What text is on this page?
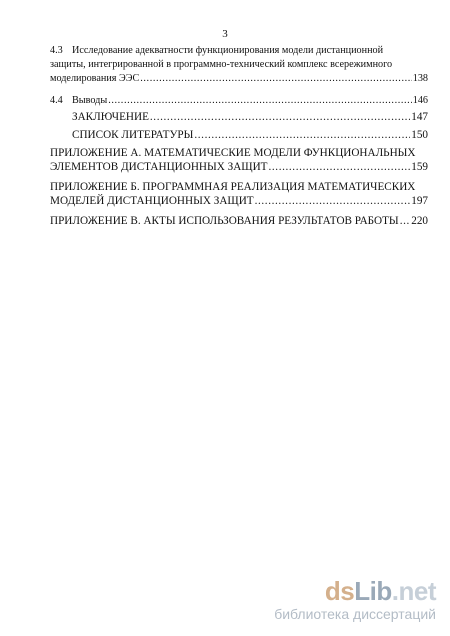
3
4.3 Исследование адекватности функционирования модели дистанционной
защиты, интегрированной в программно-технический комплекс всережимного
моделирования ЭЭС .....	138
4.4 Выводы .....	146
ЗАКЛЮЧЕНИЕ .....	147
СПИСОК ЛИТЕРАТУРЫ .....	150
ПРИЛОЖЕНИЕ А. МАТЕМАТИЧЕСКИЕ МОДЕЛИ ФУНКЦИОНАЛЬНЫХ
ЭЛЕМЕНТОВ ДИСТАНЦИОННЫХ ЗАЩИТ .....	159
ПРИЛОЖЕНИЕ Б. ПРОГРАММНАЯ РЕАЛИЗАЦИЯ МАТЕМАТИЧЕСКИХ
МОДЕЛЕЙ ДИСТАНЦИОННЫХ ЗАЩИТ .....	197
ПРИЛОЖЕНИЕ В. АКТЫ ИСПОЛЬЗОВАНИЯ РЕЗУЛЬТАТОВ РАБОТЫ ..... 220
dsLib.net
библиотека диссертаций
